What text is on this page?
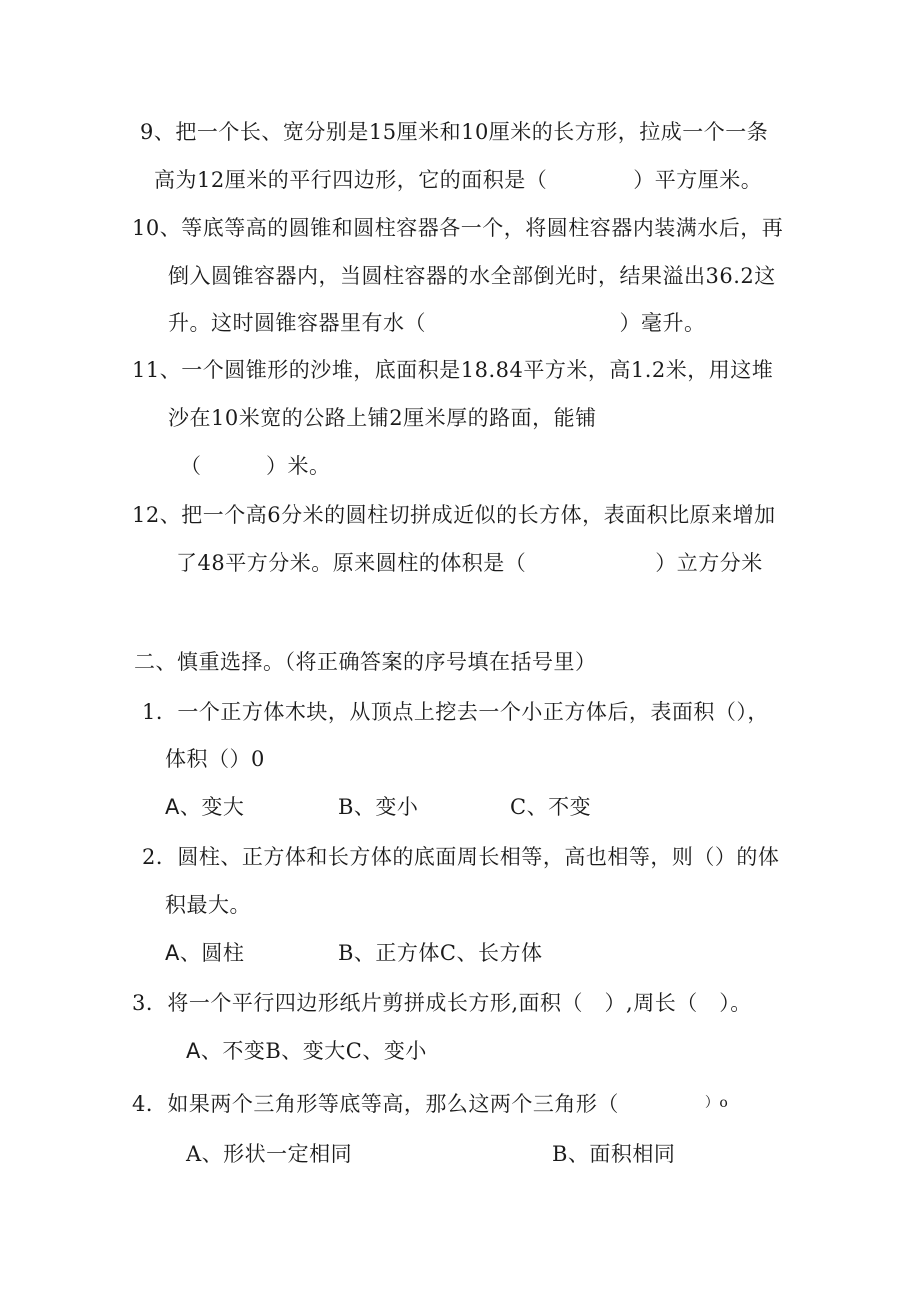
9、把一个长、宽分别是15厘米和10厘米的长方形，拉成一个一条
高为12厘米的平行四边形，它的面积是（　　　　）平方厘米。
10、等底等高的圆锥和圆柱容器各一个，将圆柱容器内装满水后，再
倒入圆锥容器内，当圆柱容器的水全部倒光时，结果溢出36.2这
升。这时圆锥容器里有水（　　　　　　　　　）毫升。
11、一个圆锥形的沙堆，底面积是18.84平方米，高1.2米，用这堆
沙在10米宽的公路上铺2厘米厚的路面，能铺
（　　　）米。
12、把一个高6分米的圆柱切拼成近似的长方体，表面积比原来增加
了48平方分米。原来圆柱的体积是（　　　　　　）立方分米
二、慎重选择。（将正确答案的序号填在括号里）
1．一个正方体木块，从顶点上挖去一个小正方体后，表面积（），
体积（）0
A、变大	B、变小	C、不变
2．圆柱、正方体和长方体的底面周长相等，高也相等，则（）的体
积最大。
A、圆柱	B、正方体C、长方体
3．将一个平行四边形纸片剪拼成长方形,面积（　）,周长（　）。
A、不变B、变大C、变小
4．如果两个三角形等底等高，那么这两个三角形（　　　　）o
A、形状一定相同	B、面积相同
